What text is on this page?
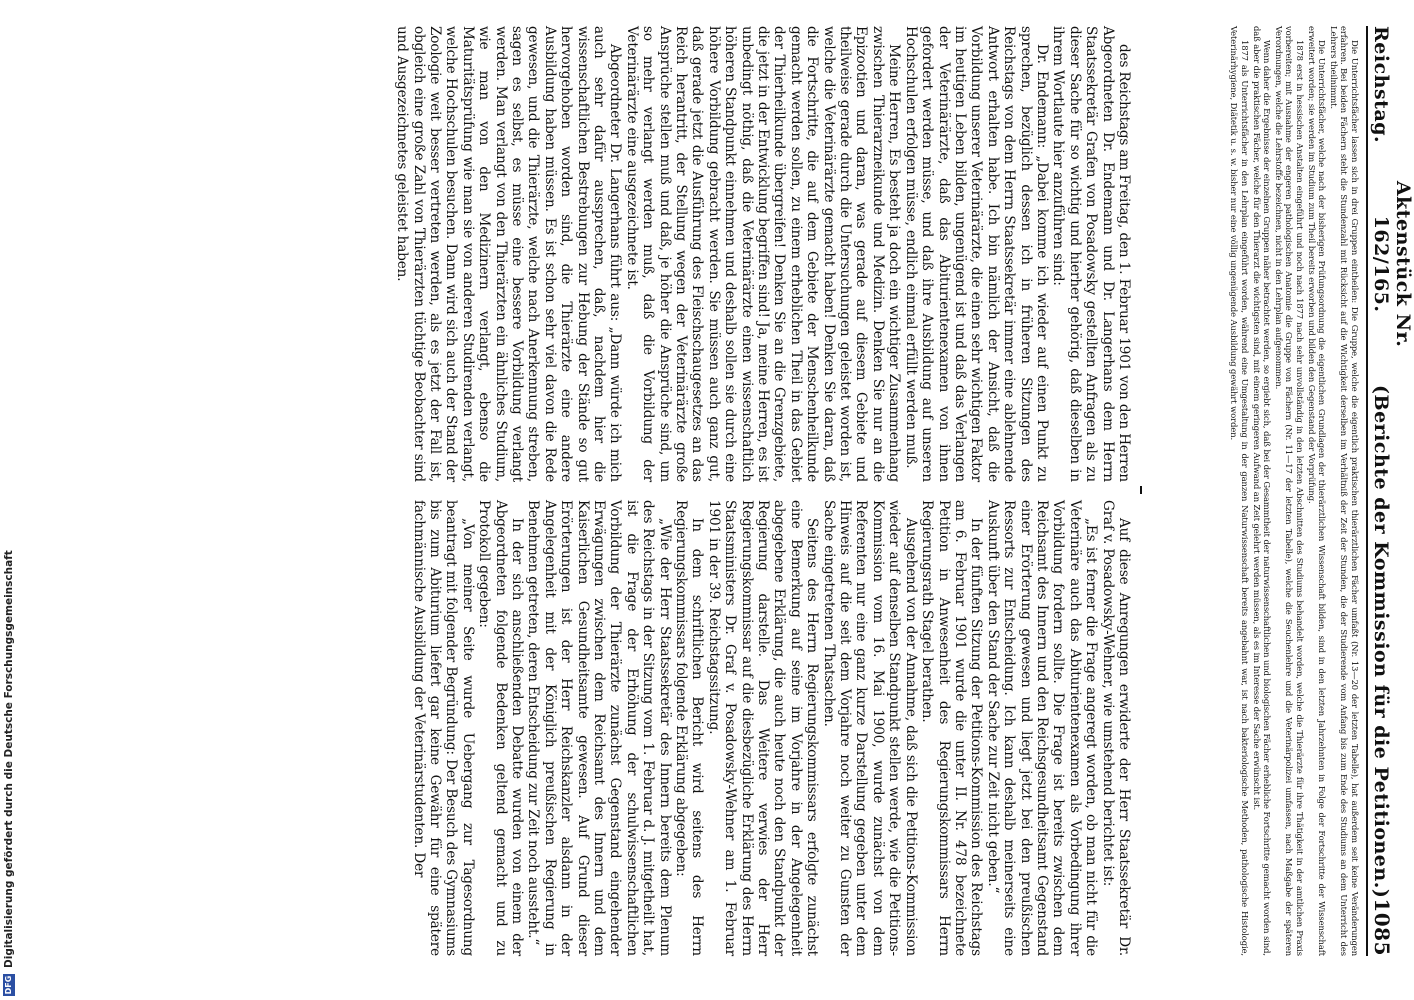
Reichstag.
Aktenstück Nr. 162/165.
(Berichte der Kommission für die Petitionen.)
1085

Die Unterrichtsfächer lassen sich in drei Gruppen eintheilen: Die Gruppe, welche die eigentlich praktischen thierärztlichen Fächer umfaßt (Nr. 13—20 der letzten Tabelle), hat außerdem seit keine Veränderungen erfahren. Bei beiden Fächern steht die Stundenzahl mit Rücksicht auf die Wichtigkeit derselben im Verhältniß der Zeit der Stunden, die der Studierende vom Anfang bis zum Ende des Studiums an dem Unterricht des Lehrers theilnimmt.

Die Unterrichtsfächer, welche nach der bisherigen Prüfungsordnung die eigentlichen Grundlagen der thierärztlichen Wissenschaft bilden, sind in den letzten Jahrzehnten in Folge der Fortschritte der Wissenschaft erweitert worden; sie werden im Studium zum Theil bereits erworben und bilden den Gegenstand der Vorprüfung.

1878 erst in hessischen Anstalten eingeführt und noch nach 1877 nach sehr unvollständig in den letzten Abschnitten des Studiums behandelt worden, welche die Thierärzte für ihre Thätigkeit in der amtlichen Praxis vorbereiten; mit Ausnahme der engeren pathologischen Anatomie die Gruppe von Fächern (Nr. 11—17 der letzten Tabelle), welche die Seuchenlehre und die Veterinärpolizei umfassen, nach Maßgabe der späteren Verordnungen, welche die Lehrstoffe bezeichnen, nicht in den Lehrplan aufgenommen.

Wenn daher die Ergebnisse der einzelnen Gruppen näher betrachtet werden, so ergiebt sich, daß bei der Gesammtheit der naturwissenschaftlichen und biologischen Fächer erhebliche Fortschritte gemacht worden sind, daß aber die praktischen Fächer, welche für den Thierarzt die wichtigsten sind, mit einem geringeren Aufwand an Zeit gelehrt werden müssen, als es im Interesse der Sache erwünscht ist.

1877 als Unterrichtsfächer in den Lehrplan eingeführt worden, während eine Umgestaltung in der ganzen Naturwissenschaft bereits angebahnt war, ist nach bakteriologische Methoden, pathologische Histologie, Veterinärhygiene, Diätetik u. s. w. bisher nur eine völlig ungenügende Ausbildung gewährt worden.

des Reichstags am Freitag, den 1. Februar 1901 von den Herren Abgeordneten Dr. Endemann und Dr. Langerhans dem Herrn Staatssekretär Grafen von Posadowsky gestellten Anfragen als zu dieser Sache für so wichtig und hierher gehörig, daß dieselben in ihrem Wortlaute hier anzuführen sind:

Dr. Endemann: „Dabei komme ich wieder auf einen Punkt zu sprechen, bezüglich dessen ich in früheren Sitzungen des Reichstags von dem Herrn Staatssekretär immer eine ablehnende Antwort erhalten habe. Ich bin nämlich der Ansicht, daß die Vorbildung unserer Veterinärärzte, die einen sehr wichtigen Faktor im heutigen Leben bilden, ungenügend ist und daß das Verlangen der Veterinärärzte, daß das Abiturientenexamen von ihnen gefordert werden müsse, und daß ihre Ausbildung auf unseren Hochschulen erfolgen müsse, endlich einmal erfüllt werden muß.

Meine Herren, Es besteht ja doch ein wichtiger Zusammenhang zwischen Thierarzneikunde und Medizin. Denken Sie nur an die Epizootien und daran, was gerade auf diesem Gebiete und theilweise gerade durch die Untersuchungen geleistet worden ist, welche die Veterinärärzte gemacht haben! Denken Sie daran, daß die Fortschritte, die auf dem Gebiete der Menschenheilkunde gemacht werden sollen, zu einem erheblichen Theil in das Gebiet der Thierheilkunde übergreifen! Denken Sie an die Grenzgebiete, die jetzt in der Entwicklung begriffen sind! Ja, meine Herren, es ist unbedingt nöthig, daß die Veterinärärzte einen wissenschaftlich höheren Standpunkt einnehmen und deshalb sollen sie durch eine höhere Vorbildung gebracht werden. Sie müssen auch ganz gut, daß gerade jetzt die Ausführung des Fleischschaugesetzes an das Reich herantritt, der Stellung wegen der Veterinärärzte große Ansprüche stellen muß und daß, je höher die Ansprüche sind, um so mehr verlangt werden muß, daß die Vorbildung der Veterinärärzte eine ausgezeichnete ist.

Abgeordneter Dr. Langerhans führt aus: „Dann würde ich mich auch sehr dafür aussprechen, daß, nachdem hier die wissenschaftlichen Bestrebungen zur Hebung der Stände so gut hervorgehoben worden sind, die Thierärzte eine andere Ausbildung haben müssen. Es ist schon sehr viel davon die Rede gewesen, und die Thierärzte, welche nach Anerkennung streben, sagen es selbst, es müsse eine bessere Vorbildung verlangt werden. Man verlangt von den Thierärzten ein ähnliches Studium, wie man von den Medizinern verlangt, ebenso die Maturitätsprüfung wie man sie von anderen Studirenden verlangt, welche Hochschulen besuchen. Dann wird sich auch der Stand der Zoologie weit besser vertreten werden, als es jetzt der Fall ist, obgleich eine große Zahl von Thierärzten tüchtige Beobachter sind und Ausgezeichnetes geleistet haben.

Auf diese Anregungen erwiderte der Herr Staatssekretär Dr. Graf v. Posadowsky-Wehner, wie umstehend berichtet ist:

„Es ist ferner die Frage angeregt worden, ob man nicht für die Veterinäre auch das Abiturientenexamen als Vorbedingung ihrer Vorbildung fordern sollte. Die Frage ist bereits zwischen dem Reichsamt des Innern und den Reichsgesundheitsamt Gegenstand einer Erörterung gewesen und liegt jetzt bei den preußischen Ressorts zur Entscheidung. Ich kann deshalb meinerseits eine Auskunft über den Stand der Sache zur Zeit nicht geben.“

In der fünften Sitzung der Petitions-Kommission des Reichstags am 6. Februar 1901 wurde die unter II. Nr. 478 bezeichnete Petition in Anwesenheit des Regierungskommissars Herrn Regierungsrath Stagel berathen.

Ausgehend von der Annahme, daß sich die Petitions-Kommission wieder auf denselben Standpunkt stellen werde, wie die Petitions-Kommission vom 16. Mai 1900, wurde zunächst von dem Referenten nur eine ganz kurze Darstellung gegeben unter dem Hinweis auf die seit dem Vorjahre noch weiter zu Gunsten der Sache eingetretenen Thatsachen.

Seitens des Herrn Regierungskommissars erfolgte zunächst eine Bemerkung auf seine im Vorjahre in der Angelegenheit abgegebene Erklärung, die auch heute noch den Standpunkt der Regierung darstelle. Das Weitere verwies der Herr Regierungskommissar auf die diesbezügliche Erklärung des Herrn Staatsministers Dr. Graf v. Posadowsky-Wehner am 1. Februar 1901 in der 39. Reichstagssitzung.

In dem schriftlichen Bericht wird seitens des Herrn Regierungskommissars folgende Erklärung abgegeben:

„Wie der Herr Staatssekretär des Innern bereits dem Plenum des Reichstags in der Sitzung vom 1. Februar d. J. mitgetheilt hat, ist die Frage der Erhöhung der schulwissenschaftlichen Vorbildung der Thierärzte zunächst Gegenstand eingehender Erwägungen zwischen dem Reichsamt des Innern und dem Kaiserlichen Gesundheitsamte gewesen. Auf Grund dieser Erörterungen ist der Herr Reichskanzler alsdann in der Angelegenheit mit der Königlich preußischen Regierung in Benehmen getreten, deren Entscheidung zur Zeit noch aussteht.“

In der sich anschließenden Debatte wurden von einem der Abgeordneten folgende Bedenken geltend gemacht und zu Protokoll gegeben:

„Von meiner Seite wurde Uebergang zur Tagesordnung beantragt mit folgender Begründung: Der Besuch des Gymnasiums bis zum Abiturium liefert gar keine Gewähr für eine spätere fachmännische Ausbildung der Veterinärstudenten. Der

DFG
Digitalisierung gefördert durch die Deutsche Forschungsgemeinschaft
